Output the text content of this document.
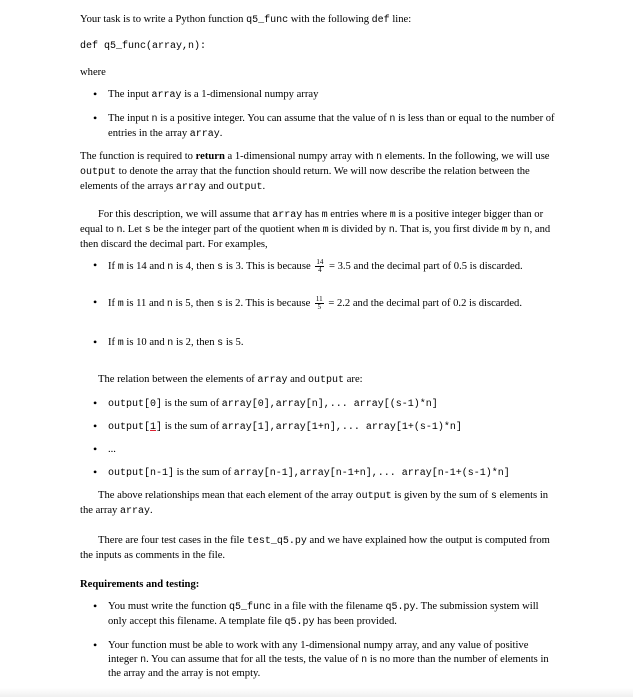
Your task is to write a Python function q5_func with the following def line:

def q5_func(array,n):

where

• The input array is a 1-dimensional numpy array
• The input n is a positive integer. You can assume that the value of n is less than or equal to the number of entries in the array array.

The function is required to return a 1-dimensional numpy array with n elements. In the following, we will use output to denote the array that the function should return. We will now describe the relation between the elements of the arrays array and output.

For this description, we will assume that array has m entries where m is a positive integer bigger than or equal to n. Let s be the integer part of the quotient when m is divided by n. That is, you first divide m by n, and then discard the decimal part. For examples,

• If m is 14 and n is 4, then s is 3. This is because $\frac{14}{4} = 3.5$ and the decimal part of 0.5 is discarded.
• If m is 11 and n is 5, then s is 2. This is because $\frac{11}{5} = 2.2$ and the decimal part of 0.2 is discarded.
• If m is 10 and n is 2, then s is 5.

The relation between the elements of array and output are:

• output[0] is the sum of array[0],array[n],... array[(s-1)*n]
• output[1] is the sum of array[1],array[1+n],... array[1+(s-1)*n]
• ...
• output[n-1] is the sum of array[n-1],array[n-1+n],... array[n-1+(s-1)*n]

The above relationships mean that each element of the array output is given by the sum of s elements in the array array.

There are four test cases in the file test_q5.py and we have explained how the output is computed from the inputs as comments in the file.

Requirements and testing:

• You must write the function q5_func in a file with the filename q5.py. The submission system will only accept this filename. A template file q5.py has been provided.
• Your function must be able to work with any 1-dimensional numpy array, and any value of positive integer n. You can assume that for all the tests, the value of n is no more than the number of elements in the array and the array is not empty.
